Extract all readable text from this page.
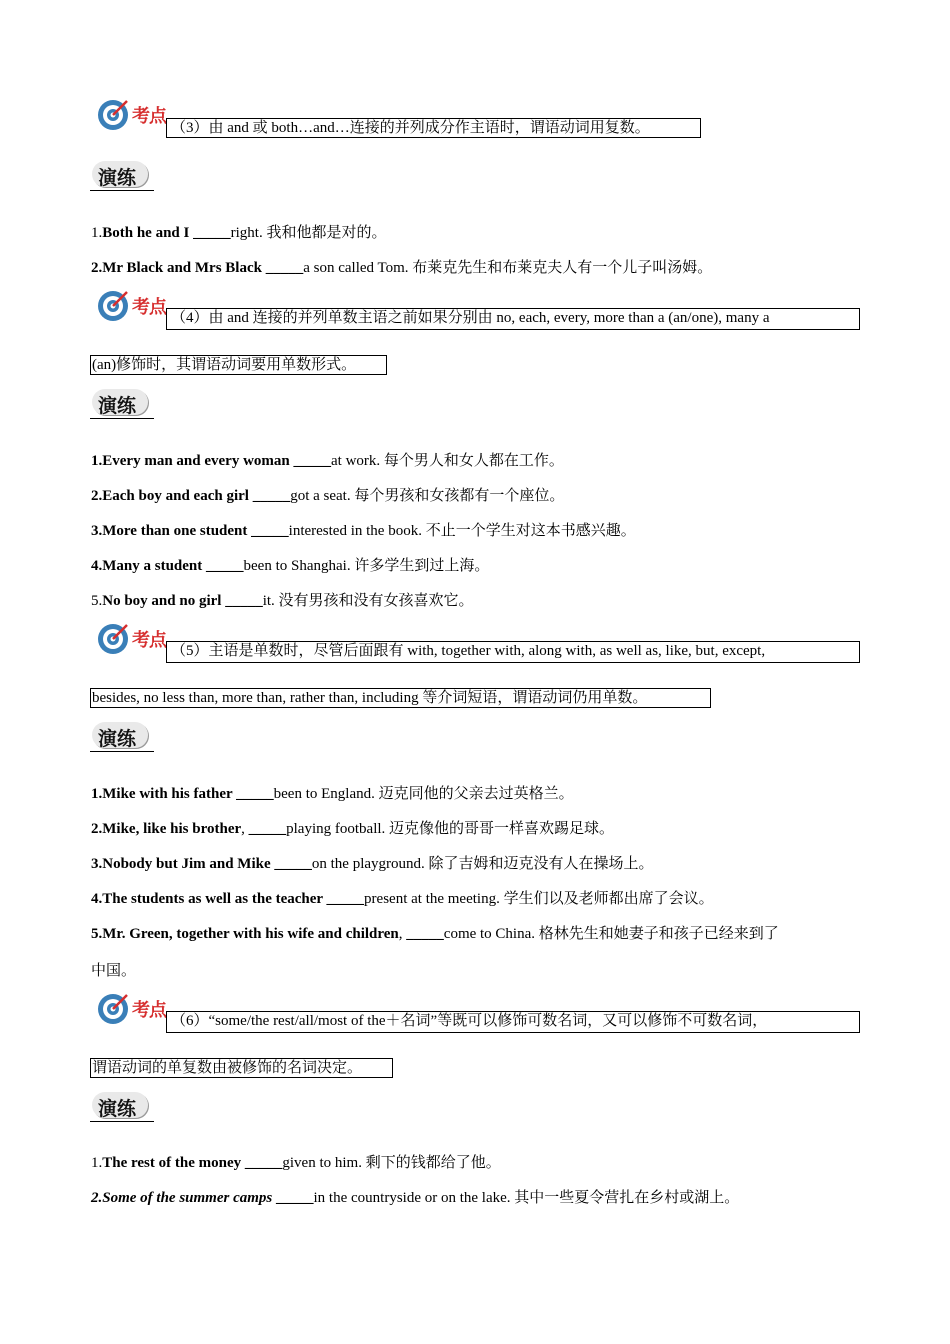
考点
（3）由 and 或 both…and…连接的并列成分作主语时，谓语动词用复数。
演练
1.Both he and I _____right. 我和他都是对的。
2.Mr Black and Mrs Black _____a son called Tom. 布莱克先生和布莱克夫人有一个儿子叫汤姆。
考点 （4）由 and 连接的并列单数主语之前如果分别由 no, each, every, more than a (an/one), many a
(an)修饰时，其谓语动词要用单数形式。
演练
1.Every man and every woman _____at work. 每个男人和女人都在工作。
2.Each boy and each girl _____got a seat. 每个男孩和女孩都有一个座位。
3.More than one student _____interested in the book. 不止一个学生对这本书感兴趣。
4.Many a student _____been to Shanghai. 许多学生到过上海。
5.No boy and no girl _____it. 没有男孩和没有女孩喜欢它。
考点 （5）主语是单数时，尽管后面跟有 with, together with, along with, as well as, like, but, except,
besides, no less than, more than, rather than, including 等介词短语，谓语动词仍用单数。
演练
1.Mike with his father _____been to England. 迈克同他的父亲去过英格兰。
2.Mike, like his brother, _____playing football. 迈克像他的哥哥一样喜欢踢足球。
3.Nobody but Jim and Mike _____on the playground. 除了吉姆和迈克没有人在操场上。
4.The students as well as the teacher _____present at the meeting. 学生们以及老师都出席了会议。
5.Mr. Green, together with his wife and children, _____come to China. 格林先生和她妻子和孩子已经来到了
中国。
考点 （6）“some/the rest/all/most of the＋名词”等既可以修饰可数名词，又可以修饰不可数名词，
谓语动词的单复数由被修饰的名词决定。
演练
1.The rest of the money _____given to him. 剩下的钱都给了他。
2.Some of the summer camps _____in the countryside or on the lake. 其中一些夏令营扎在乡村或湖上。
